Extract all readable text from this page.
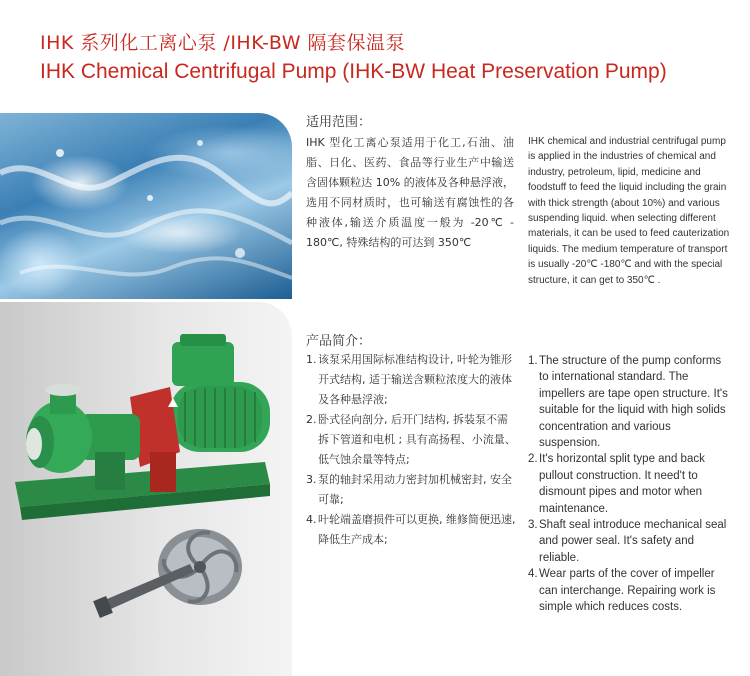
IHK 系列化工离心泵 /IHK-BW 隔套保温泵
IHK Chemical Centrifugal Pump (IHK-BW Heat Preservation Pump)
适用范围：

IHK 型化工离心泵适用于化工,石油、油脂、日化、医药、食品等行业生产中输送含固体颗粒达 10% 的液体及各种悬浮液，选用不同材质时，也可输送有腐蚀性的各种液体,输送介质温度一般为 -20℃ - 180℃, 特殊结构的可达到 350℃

IHK chemical and industrial centrifugal pump is applied in the industries of chemical and industry, petroleum, lipid, medicine and foodstuff to feed the liquid including the grain with thick strength (about 10%) and various suspending liquid. when selecting different materials, it can be used to feed cauterization liquids. The medium temperature of transport is usually -20℃ -180℃ and with the special structure, it can get to 350℃ .

产品简介：
1. 该泵采用国际标准结构设计, 叶轮为锥形开式结构, 适于输送含颗粒浓度大的液体及各种悬浮液;
2. 卧式径向剖分, 后开门结构, 拆装泵不需拆下管道和电机 ; 具有高扬程、小流量、低气蚀余量等特点;
3. 泵的轴封采用动力密封加机械密封, 安全可靠;
4. 叶轮端盖磨损件可以更换, 维修简便迅速, 降低生产成本;
1. The structure of the pump conforms to international standard. The impellers are tape open structure. It's suitable for the liquid with high solids concentration and various suspension.
2. It's horizontal split type and back pullout construction. It need't to dismount pipes and motor when maintenance.
3. Shaft seal introduce mechanical seal and power seal. It's safety and reliable.
4. Wear parts of the cover of impeller can interchange. Repairing work is simple which reduces costs.
